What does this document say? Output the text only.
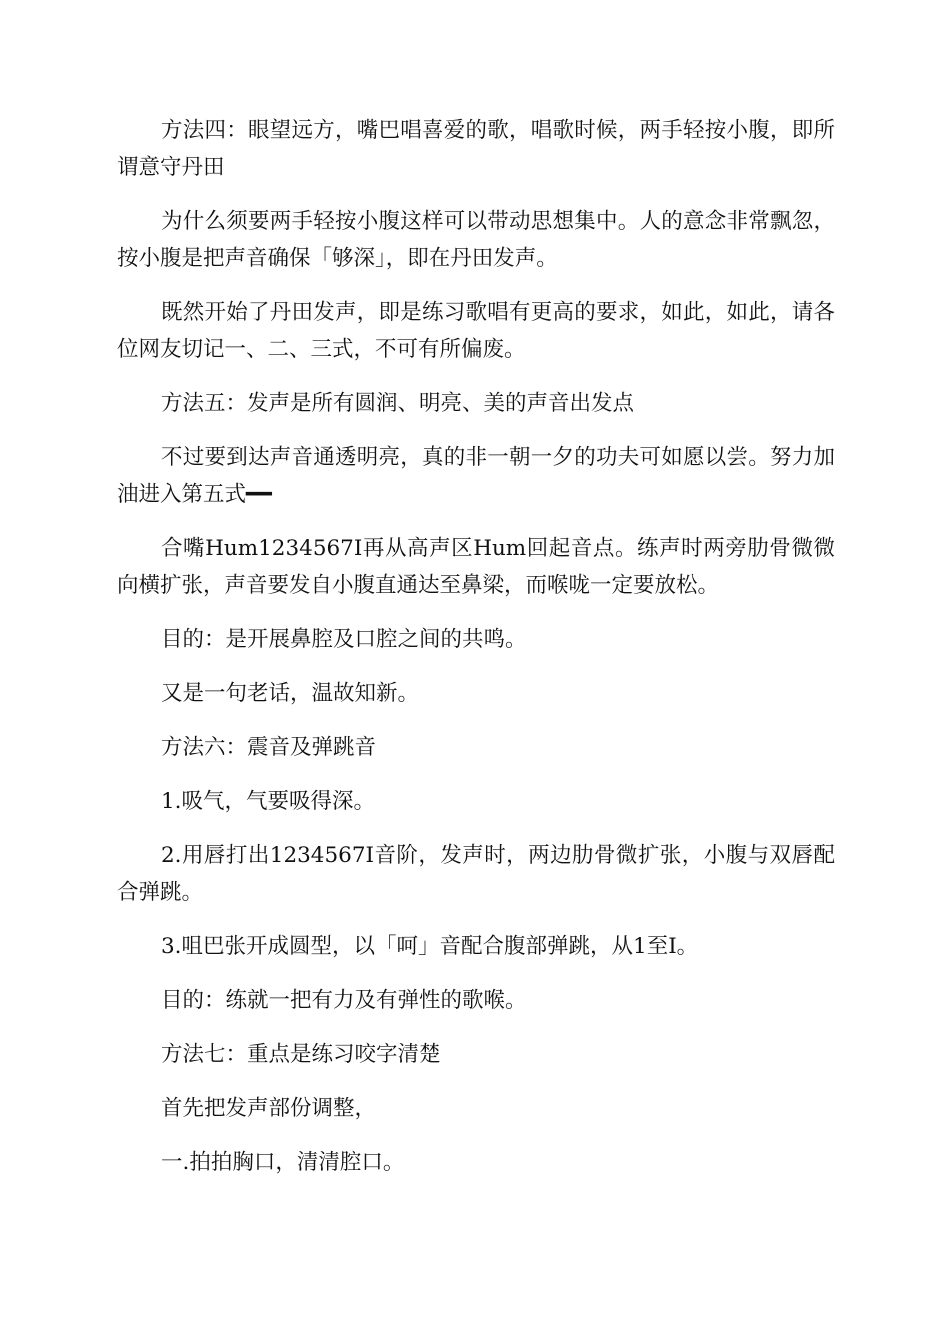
方法四：眼望远方，嘴巴唱喜爱的歌，唱歌时候，两手轻按小腹，即所谓意守丹田

为什么须要两手轻按小腹这样可以带动思想集中。人的意念非常飘忽，按小腹是把声音确保「够深」，即在丹田发声。

既然开始了丹田发声，即是练习歌唱有更高的要求，如此，如此，请各位网友切记一、二、三式，不可有所偏废。

方法五：发声是所有圆润、明亮、美的声音出发点

不过要到达声音通透明亮，真的非一朝一夕的功夫可如愿以尝。努力加油进入第五式━━

合嘴Hum1234567I再从高声区Hum回起音点。练声时两旁肋骨微微向横扩张，声音要发自小腹直通达至鼻梁，而喉咙一定要放松。

目的：是开展鼻腔及口腔之间的共鸣。

又是一句老话，温故知新。

方法六：震音及弹跳音

1.吸气，气要吸得深。

2.用唇打出1234567I音阶，发声时，两边肋骨微扩张，小腹与双唇配合弹跳。

3.咀巴张开成圆型，以「呵」音配合腹部弹跳，从1至I。

目的：练就一把有力及有弹性的歌喉。

方法七：重点是练习咬字清楚

首先把发声部份调整，

一.拍拍胸口，清清腔口。
